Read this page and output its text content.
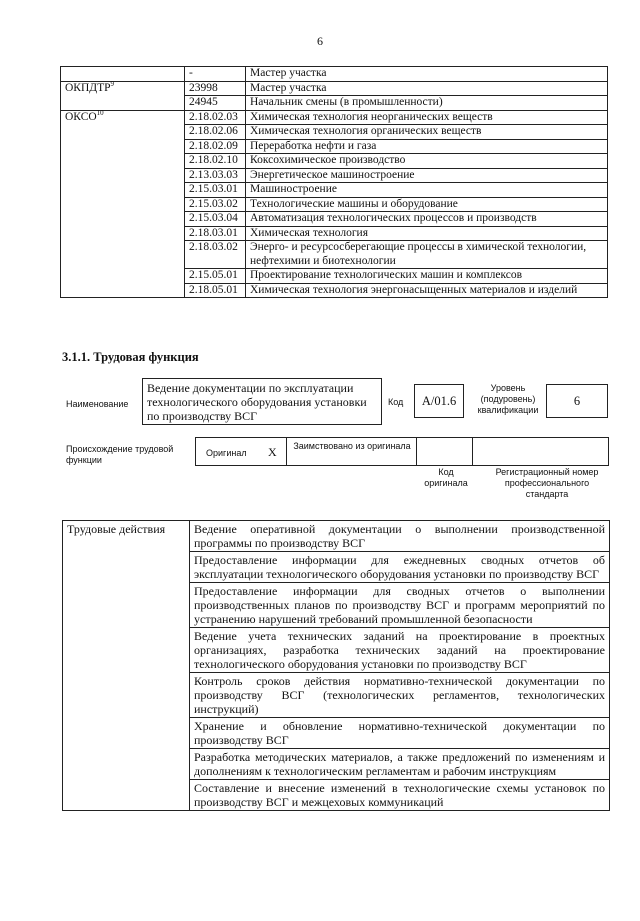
6
	-	Мастер участка
ОКПДТР$^9$	23998	Мастер участка
	24945	Начальник смены (в промышленности)
ОКСО$^{10}$	2.18.02.03	Химическая технология неорганических веществ
	2.18.02.06	Химическая технология органических веществ
	2.18.02.09	Переработка нефти и газа
	2.18.02.10	Коксохимическое производство
	2.13.03.03	Энергетическое машиностроение
	2.15.03.01	Машиностроение
	2.15.03.02	Технологические машины и оборудование
	2.15.03.04	Автоматизация технологических процессов и производств
	2.18.03.01	Химическая технология
	2.18.03.02	Энерго- и ресурсосберегающие процессы в химической технологии, нефтехимии и биотехнологии
	2.15.05.01	Проектирование технологических машин и комплексов
	2.18.05.01	Химическая технология энергонасыщенных материалов и изделий
3.1.1. Трудовая функция
Наименование
Ведение документации по эксплуатации технологического оборудования установки по производству ВСГ
Код	А/01.6
Уровень (подуровень) квалификации
6
Происхождение трудовой функции
Оригинал X Заимствовано из оригинала
Код оригинала
Регистрационный номер профессионального стандарта
Трудовые действия	Ведение оперативной документации о выполнении производственной программы по производству ВСГ
Предоставление информации для ежедневных сводных отчетов об эксплуатации технологического оборудования установки по производству ВСГ
Предоставление информации для сводных отчетов о выполнении производственных планов по производству ВСГ и программ мероприятий по устранению нарушений требований промышленной безопасности
Ведение учета технических заданий на проектирование в проектных организациях, разработка технических заданий на проектирование технологического оборудования установки по производству ВСГ
Контроль сроков действия нормативно-технической документации по производству ВСГ (технологических регламентов, технологических инструкций)
Хранение и обновление нормативно-технической документации по производству ВСГ
Разработка методических материалов, а также предложений по изменениям и дополнениям к технологическим регламентам и рабочим инструкциям
Составление и внесение изменений в технологические схемы установок по производству ВСГ и межцеховых коммуникаций
